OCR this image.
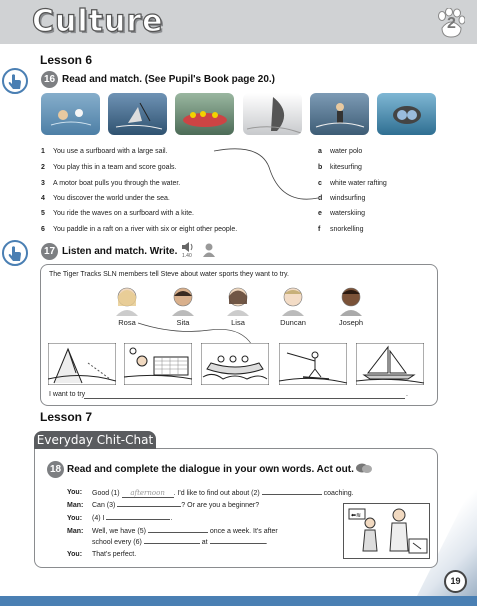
Culture	2
Lesson 6
16 Read and match. (See Pupil's Book page 20.)
1 You use a surfboard with a large sail.
2 You play this in a team and score goals.
3 A motor boat pulls you through the water.
4 You discover the world under the sea.
5 You ride the waves on a surfboard with a kite.
6 You paddle in a raft on a river with six or eight other people.
a water polo
b kitesurfing
c white water rafting
d windsurfing
e waterskiing
f snorkelling
17 Listen and match. Write. 1.40
The Tiger Tracks SLN members tell Steve about water sports they want to try.
Rosa	Sita	Lisa	Duncan	Joseph
I want to try	.
Lesson 7
Everyday Chit-Chat
18 Read and complete the dialogue in your own words. Act out.
You: Good (1) afternoon . I'd like to find out about (2)	coaching.
Man: Can (3)	? Or are you a beginner?
You: (4) I	.
Man: Well, we have (5)	once a week. It's after
school every (6)	at	.
You: That's perfect.
⬅≋
19
